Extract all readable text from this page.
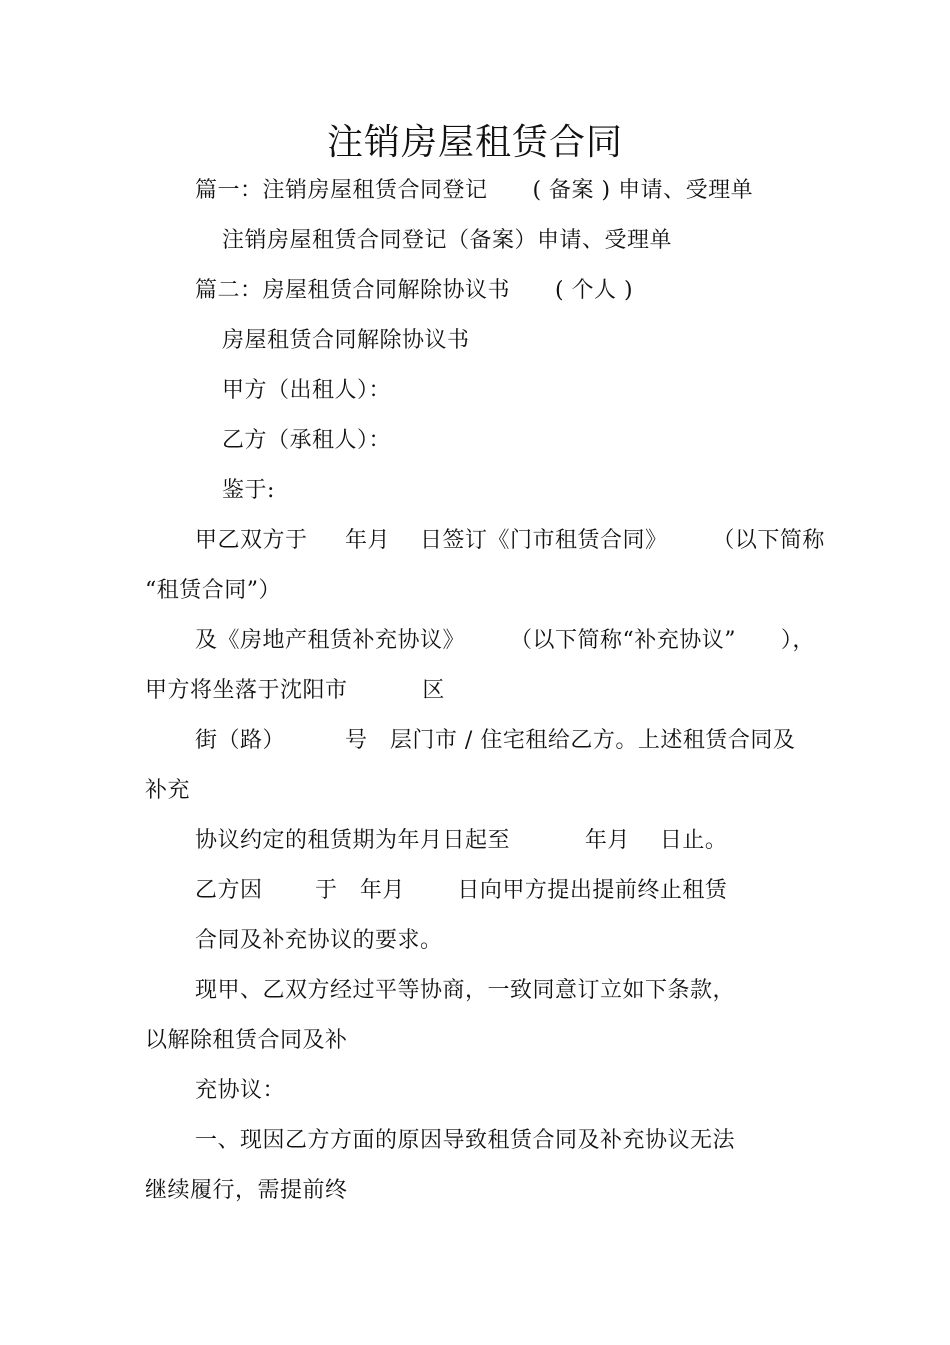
注销房屋租赁合同
篇一：注销房屋租赁合同登记      ( 备案 ) 申请、受理单
注销房屋租赁合同登记（备案）申请、受理单
篇二：房屋租赁合同解除协议书      ( 个人 )
房屋租赁合同解除协议书
甲方（出租人）：
乙方（承租人）：
鉴于:
甲乙双方于     年月    日签订《门市租赁合同》      （以下简称
“租赁合同”）
及《房地产租赁补充协议》      （以下简称“补充协议”      ），
甲方将坐落于沈阳市          区
街（路）        号   层门市 / 住宅租给乙方。上述租赁合同及
补充
协议约定的租赁期为年月日起至          年月    日止。
乙方因       于   年月       日向甲方提出提前终止租赁
合同及补充协议的要求。
现甲、乙双方经过平等协商，一致同意订立如下条款，
以解除租赁合同及补
充协议：
一、现因乙方方面的原因导致租赁合同及补充协议无法
继续履行，需提前终
